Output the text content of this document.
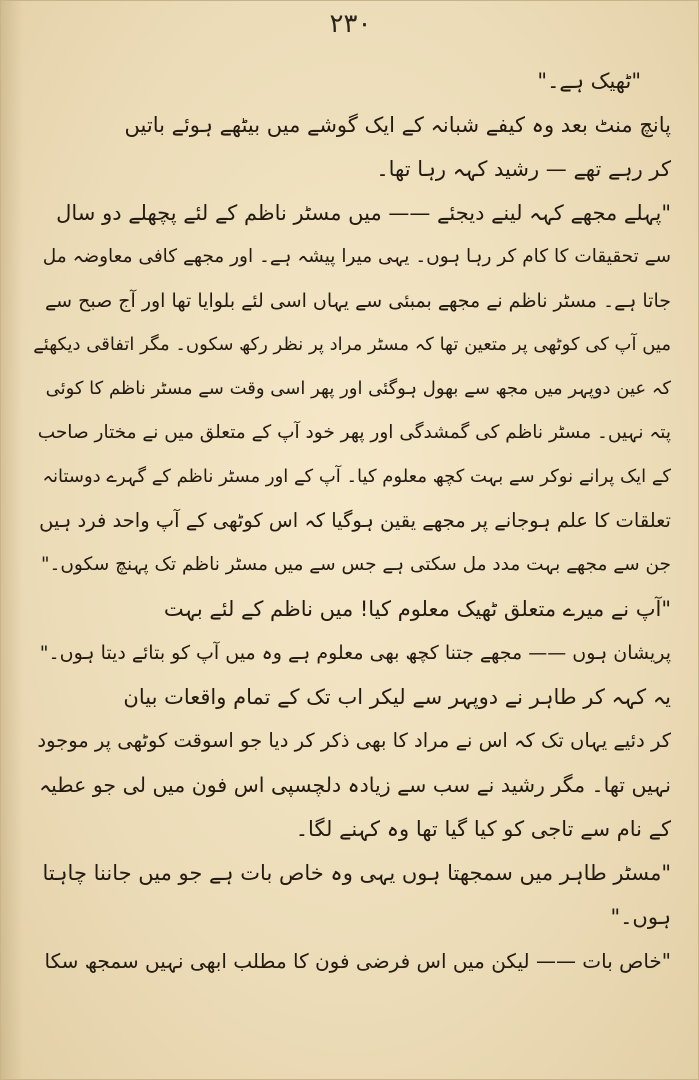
۲۳۰
"ٹھیک ہے۔"
پانچ منٹ بعد وہ کیفے شبانہ کے ایک گوشے میں بیٹھے ہوئے باتیں
کر رہے تھے — رشید کہہ رہا تھا۔
"پہلے مجھے کہہ لینے دیجئے —— میں مسٹر ناظم کے لئے پچھلے دو سال
سے تحقیقات کا کام کر رہا ہوں۔ یہی میرا پیشہ ہے۔ اور مجھے کافی معاوضہ مل
جاتا ہے۔ مسٹر ناظم نے مجھے بمبئی سے یہاں اسی لئے بلوایا تھا اور آج صبح سے
میں آپ کی کوٹھی پر متعین تھا کہ مسٹر مراد پر نظر رکھ سکوں۔ مگر اتفاقی دیکھئے
کہ عین دوپہر میں مجھ سے بھول ہوگئی اور پھر اسی وقت سے مسٹر ناظم کا کوئی
پتہ نہیں۔ مسٹر ناظم کی گمشدگی اور پھر خود آپ کے متعلق میں نے مختار صاحب
کے ایک پرانے نوکر سے بہت کچھ معلوم کیا۔ آپ کے اور مسٹر ناظم کے گہرے دوستانہ
تعلقات کا علم ہوجانے پر مجھے یقین ہوگیا کہ اس کوٹھی کے آپ واحد فرد ہیں
جن سے مجھے بہت مدد مل سکتی ہے جس سے میں مسٹر ناظم تک پہنچ سکوں۔"
"آپ نے میرے متعلق ٹھیک معلوم کیا! میں ناظم کے لئے بہت
پریشان ہوں —— مجھے جتنا کچھ بھی معلوم ہے وہ میں آپ کو بتائے دیتا ہوں۔"
یہ کہہ کر طاہر نے دوپہر سے لیکر اب تک کے تمام واقعات بیان
کر دئیے یہاں تک کہ اس نے مراد کا بھی ذکر کر دیا جو اسوقت کوٹھی پر موجود
نہیں تھا۔ مگر رشید نے سب سے زیادہ دلچسپی اس فون میں لی جو عطیہ
کے نام سے تاجی کو کیا گیا تھا وہ کہنے لگا۔
"مسٹر طاہر میں سمجھتا ہوں یہی وہ خاص بات ہے جو میں جاننا چاہتا
ہوں۔"
"خاص بات —— لیکن میں اس فرضی فون کا مطلب ابھی نہیں سمجھ سکا
